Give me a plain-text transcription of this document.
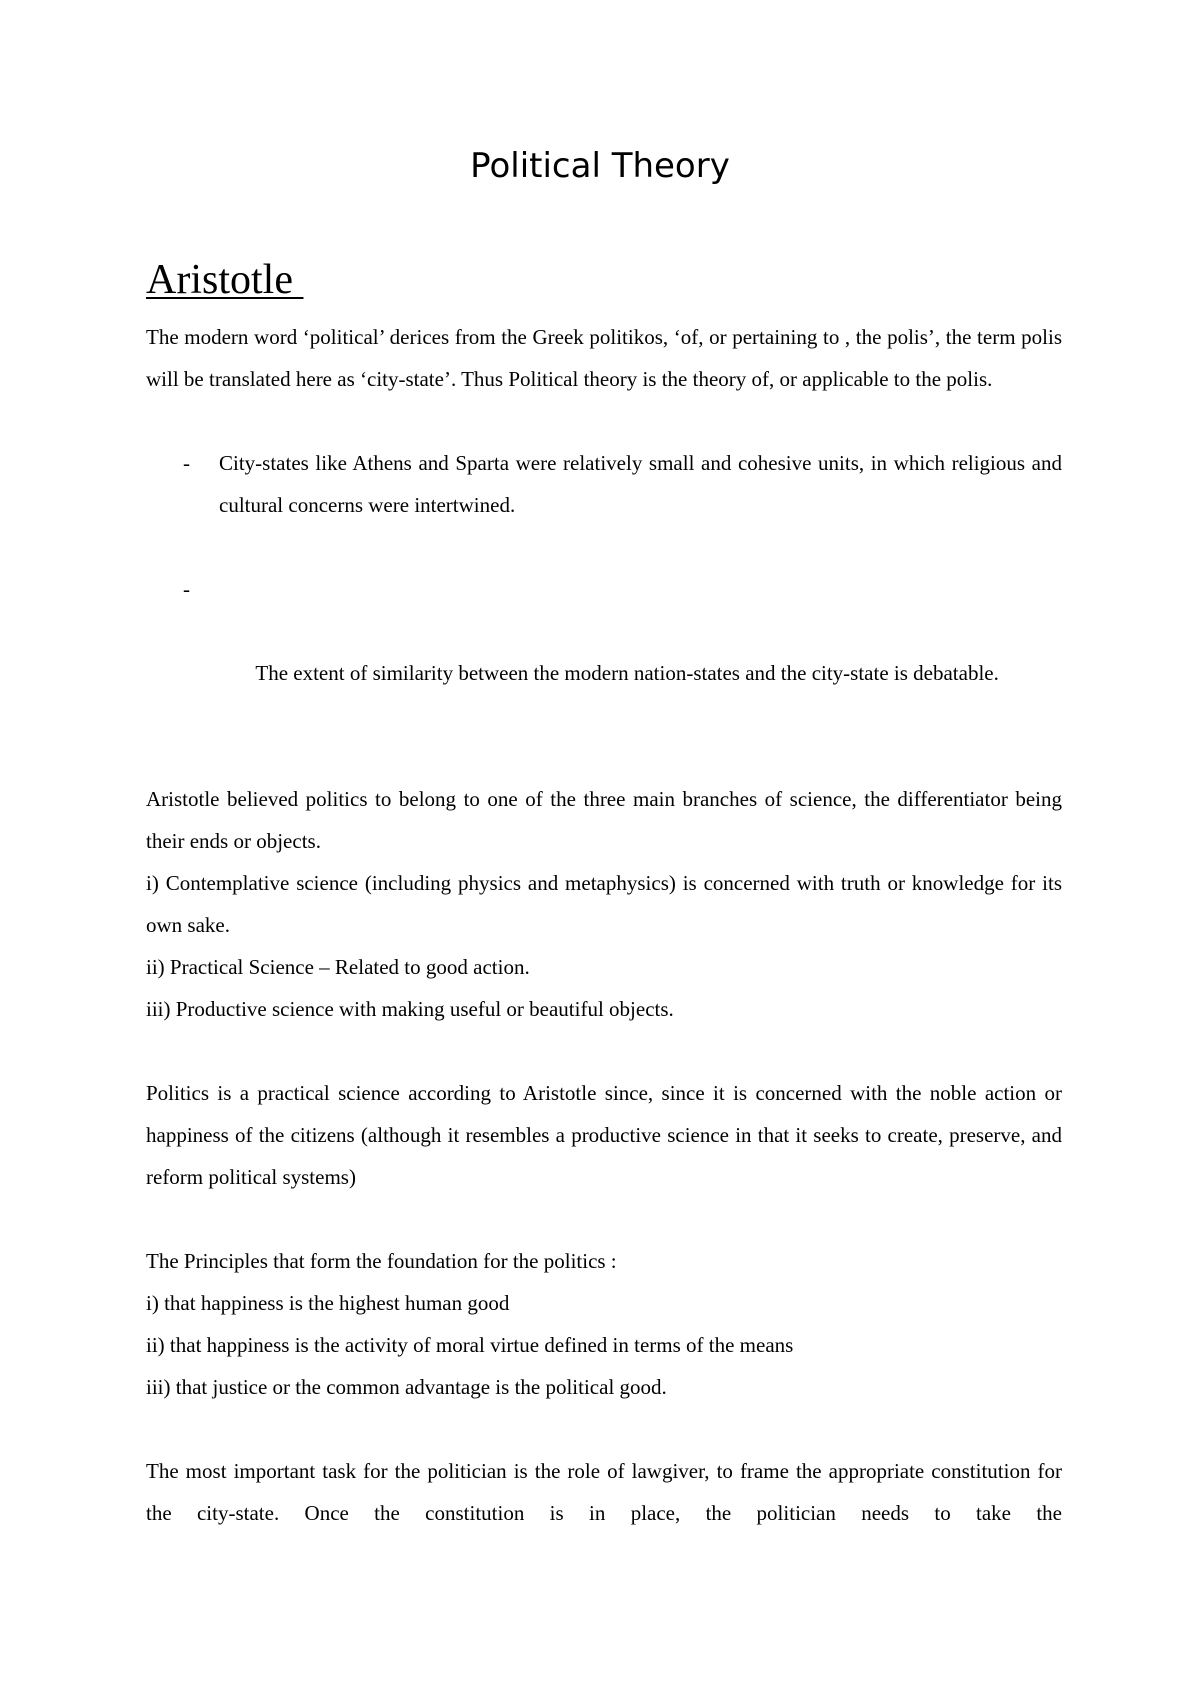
Political Theory
Aristotle

The modern word ‘political’ derices from the Greek politikos, ‘of, or pertaining to , the polis’, the term polis will be translated here as ‘city-state’. Thus Political theory is the theory of, or applicable to the polis.

- City-states like Athens and Sparta were relatively small and cohesive units, in which religious and cultural concerns were intertwined.

-

The extent of similarity between the modern nation-states and the city-state is debatable.

Aristotle believed politics to belong to one of the three main branches of science, the differentiator being their ends or objects.

i) Contemplative science (including physics and metaphysics) is concerned with truth or knowledge for its own sake.

ii) Practical Science – Related to good action.

iii) Productive science with making useful or beautiful objects.

Politics is a practical science according to Aristotle since, since it is concerned with the noble action or happiness of the citizens (although it resembles a productive science in that it seeks to create, preserve, and reform political systems)

The Principles that form the foundation for the politics :

i) that happiness is the highest human good

ii) that happiness is the activity of moral virtue defined in terms of the means

iii) that justice or the common advantage is the political good.

The most important task for the politician is the role of lawgiver, to frame the appropriate constitution for the city-state. Once the constitution is in place, the politician needs to take the
